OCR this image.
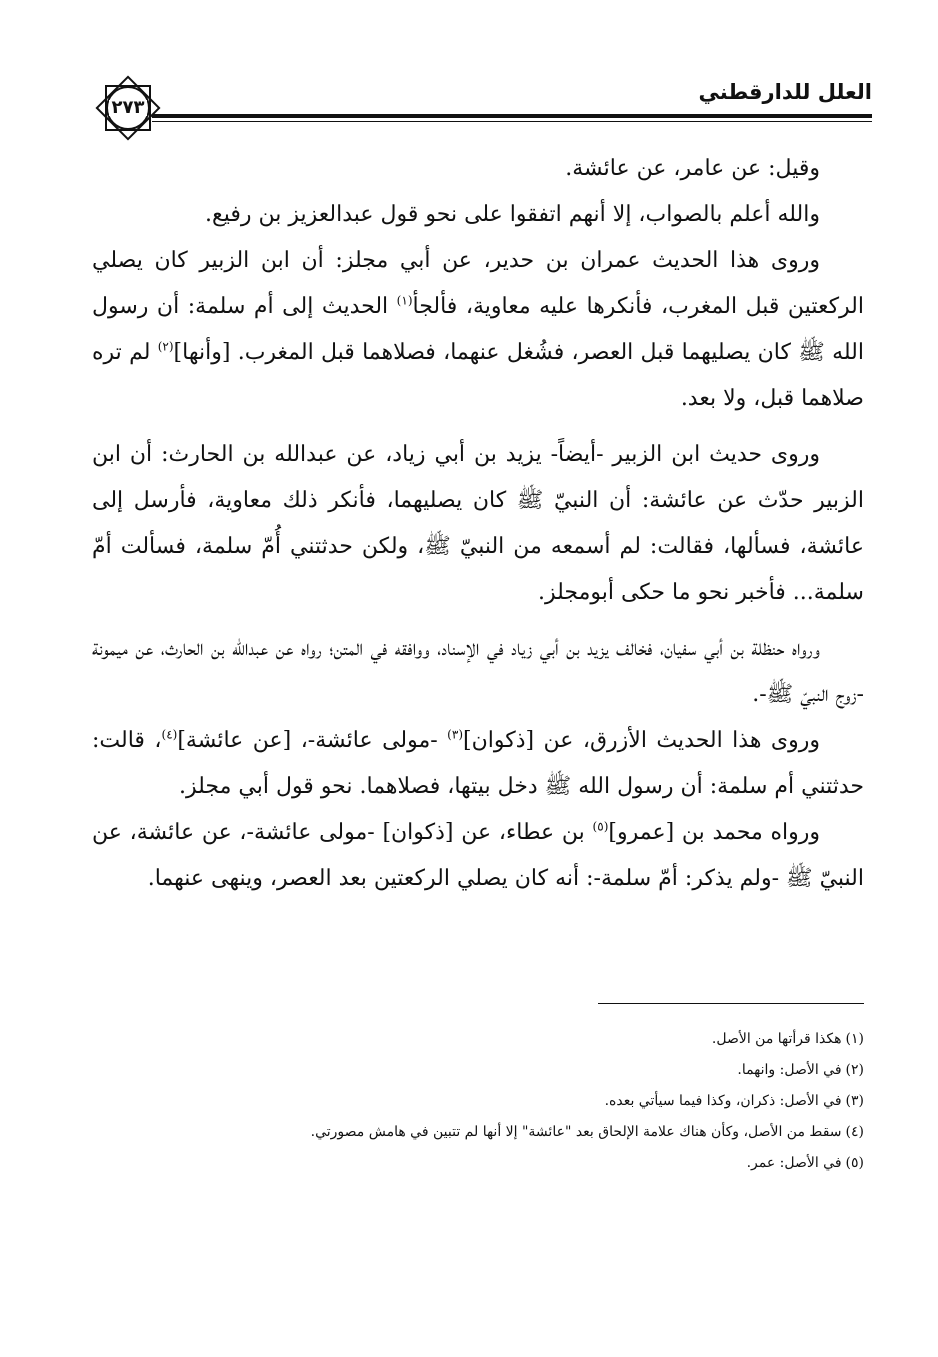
٢٧٣
العلل للدارقطني

وقيل: عن عامر، عن عائشة.

والله أعلم بالصواب، إلا أنهم اتفقوا على نحو قول عبدالعزيز بن رفيع.

وروى هذا الحديث عمران بن حدير، عن أبي مجلز: أن ابن الزبير كان يصلي الركعتين قبل المغرب، فأنكرها عليه معاوية، فألجأ$^{(١)}$ الحديث إلى أم سلمة: أن رسول الله ﷺ كان يصليهما قبل العصر، فشُغل عنهما، فصلاهما قبل المغرب. [وأنها]$^{(٢)}$ لم تره صلاهما قبل، ولا بعد.

وروى حديث ابن الزبير -أيضاً- يزيد بن أبي زياد، عن عبدالله بن الحارث: أن ابن الزبير حدّث عن عائشة: أن النبيّ ﷺ كان يصليهما، فأنكر ذلك معاوية، فأرسل إلى عائشة، فسألها، فقالت: لم أسمعه من النبيّ ﷺ، ولكن حدثتني أُمّ سلمة، فسألت أمّ سلمة... فأخبر نحو ما حكى أبومجلز.

ورواه حنظلة بن أبي سفيان، فخالف يزيد بن أبي زياد في الإسناد، ووافقه في المتن؛ رواه عن عبدالله بن الحارث، عن ميمونة -زوج النبيّ ﷺ-.

وروى هذا الحديث الأزرق، عن [ذكوان]$^{(٣)}$ -مولى عائشة-، [عن عائشة]$^{(٤)}$، قالت: حدثتني أم سلمة: أن رسول الله ﷺ دخل بيتها، فصلاهما. نحو قول أبي مجلز.

ورواه محمد بن [عمرو]$^{(٥)}$ بن عطاء، عن [ذكوان] -مولى عائشة-، عن عائشة، عن النبيّ ﷺ -ولم يذكر: أمّ سلمة-: أنه كان يصلي الركعتين بعد العصر، وينهى عنهما.

(١)هكذا قرأتها من الأصل.
(٢)في الأصل: وانهما.
(٣)في الأصل: ذكران، وكذا فيما سيأتي بعده.
(٤)سقط من الأصل، وكأن هناك علامة الإلحاق بعد "عائشة" إلا أنها لم تتبين في هامش مصورتي.
(٥)في الأصل: عمر.
